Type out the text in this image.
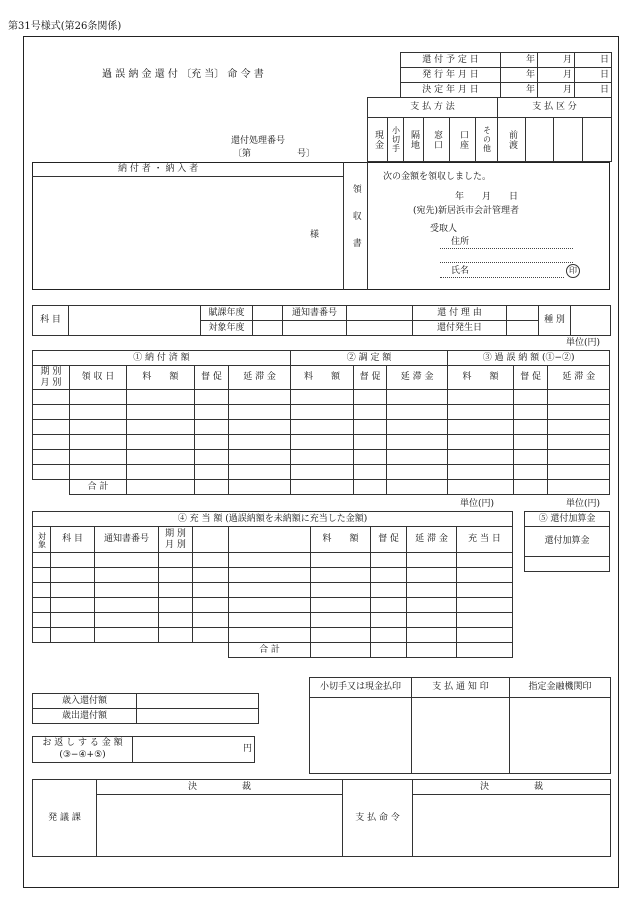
第31号様式(第26条関係)
過 誤 納 金 還 付 〔充 当〕 命 令 書
還 付 予 定 日	年	月	日
発 行 年 月 日	年	月	日
決 定 年 月 日	年	月	日
支 払 方 法						支 払 区 分			
現金	小切手	隔地	窓口	口座	その他	前渡			
還付処理番号
〔第	号〕
納 付 者 ・ 納 入 者
様	領収書
次の金額を領収しました。
年　　月　　日
(宛先)新居浜市会計管理者
受取人
住所
氏名	印
科 目		賦課年度		通知書番号		還 付 理 由		種 別	
		対象年度				還付発生日			
単位(円)
① 納 付 済 額					② 調 定 額			③ 過 誤 納 額 (①−②)		
期 別
月 別	領 収 日	料　　額	督 促	延 滞 金	料　　額	督 促	延 滞 金	料　　額	督 促	延 滞 金

	合 計									
単位(円)	単位(円)
④ 充 当 額 (過誤納額を未納額に充当した金額)									
対象	科 目	通知書番号	期 別
月 別			料　　額	督 促	延 滞 金	充 当 日

					合 計				
⑤ 還付加算金
還付加算金

歳入還付額	
歳出還付額	
お 返 し す る 金 額
(③−④+⑤)
	円
小切手又は現金払印	支 払 通 知 印	指定金融機関印

発 議 課	決　　　　　裁	支 払 命 令	決　　　　　裁
